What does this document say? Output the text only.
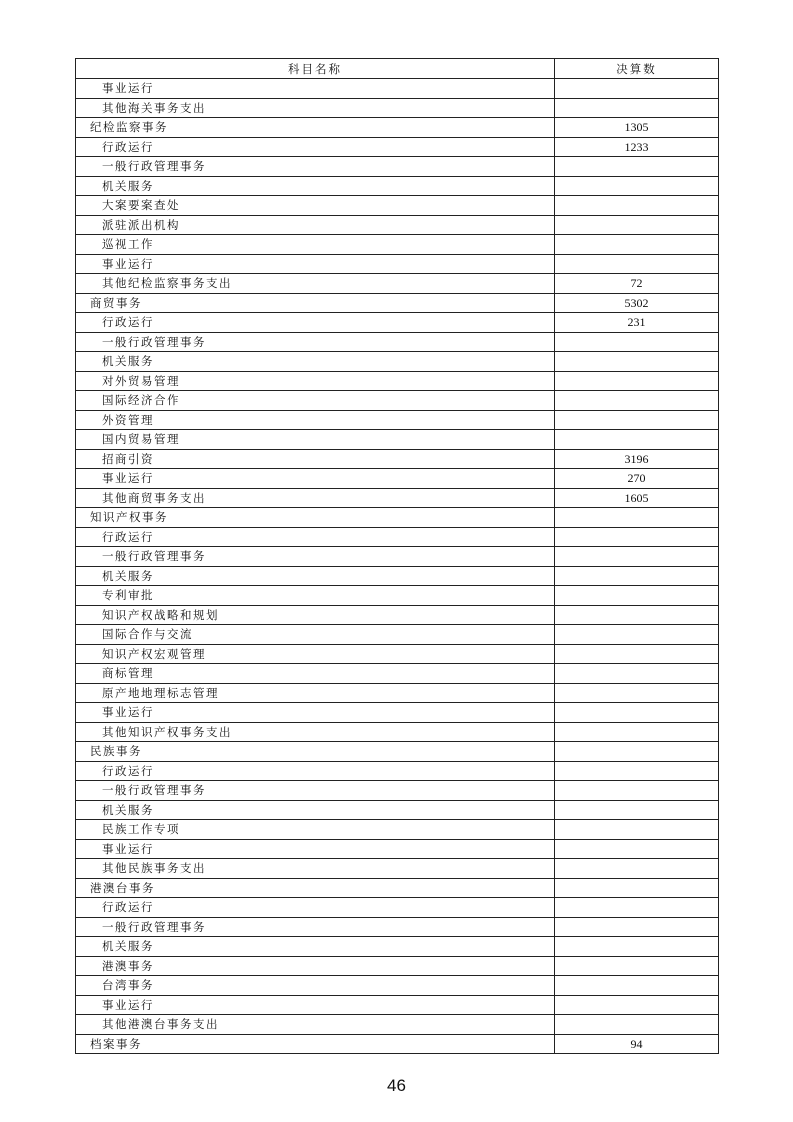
科目名称	决算数
事业运行	
其他海关事务支出	
纪检监察事务	1305
行政运行	1233
一般行政管理事务	
机关服务	
大案要案查处	
派驻派出机构	
巡视工作	
事业运行	
其他纪检监察事务支出	72
商贸事务	5302
行政运行	231
一般行政管理事务	
机关服务	
对外贸易管理	
国际经济合作	
外资管理	
国内贸易管理	
招商引资	3196
事业运行	270
其他商贸事务支出	1605
知识产权事务	
行政运行	
一般行政管理事务	
机关服务	
专利审批	
知识产权战略和规划	
国际合作与交流	
知识产权宏观管理	
商标管理	
原产地地理标志管理	
事业运行	
其他知识产权事务支出	
民族事务	
行政运行	
一般行政管理事务	
机关服务	
民族工作专项	
事业运行	
其他民族事务支出	
港澳台事务	
行政运行	
一般行政管理事务	
机关服务	
港澳事务	
台湾事务	
事业运行	
其他港澳台事务支出	
档案事务	94
46
